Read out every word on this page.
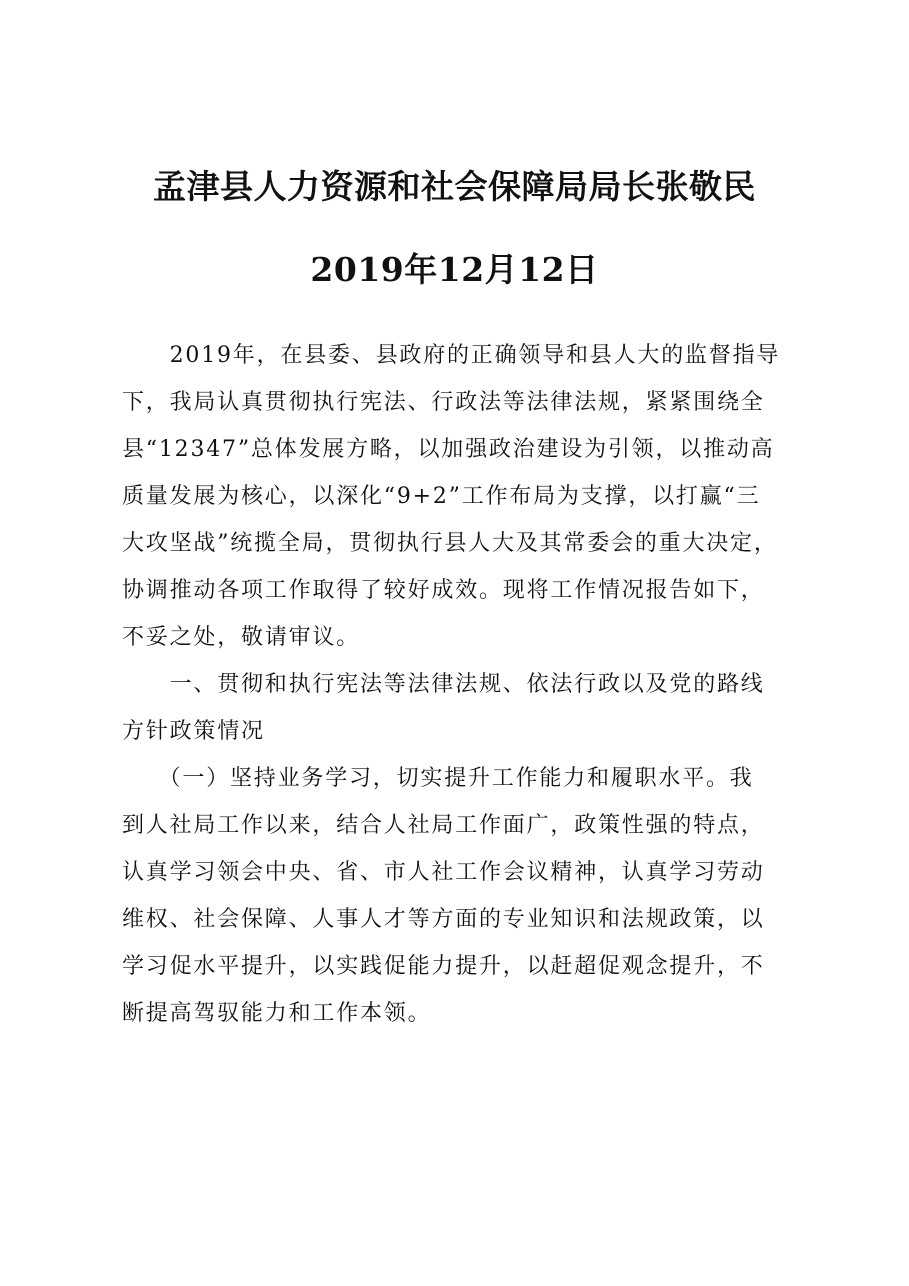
孟津县人力资源和社会保障局局长张敬民
2019年12月12日
　　2019年，在县委、县政府的正确领导和县人大的监督指导
下，我局认真贯彻执行宪法、行政法等法律法规，紧紧围绕全
县“12347”总体发展方略，以加强政治建设为引领，以推动高
质量发展为核心，以深化“9+2”工作布局为支撑，以打赢“三
大攻坚战”统揽全局，贯彻执行县人大及其常委会的重大决定，
协调推动各项工作取得了较好成效。现将工作情况报告如下，
不妥之处，敬请审议。
　　一、贯彻和执行宪法等法律法规、依法行政以及党的路线
方针政策情况
　　（一）坚持业务学习，切实提升工作能力和履职水平。我
到人社局工作以来，结合人社局工作面广，政策性强的特点，
认真学习领会中央、省、市人社工作会议精神，认真学习劳动
维权、社会保障、人事人才等方面的专业知识和法规政策，以
学习促水平提升，以实践促能力提升，以赶超促观念提升，不
断提高驾驭能力和工作本领。
